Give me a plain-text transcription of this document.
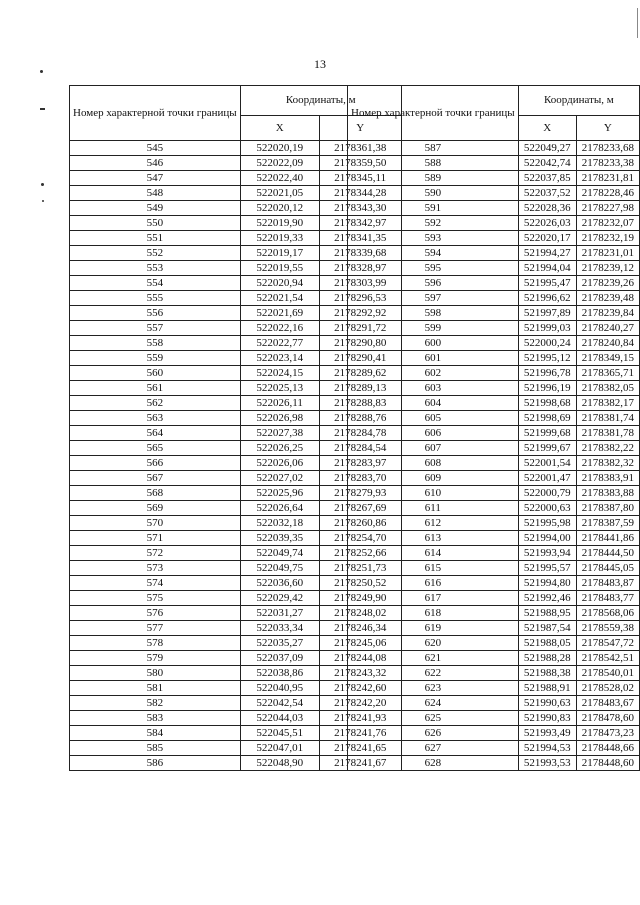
13
Номер характерной точки границы	Координаты, м	
	X	Y
545	522020,19	2178361,38
546	522022,09	2178359,50
547	522022,40	2178345,11
548	522021,05	2178344,28
549	522020,12	2178343,30
550	522019,90	2178342,97
551	522019,33	2178341,35
552	522019,17	2178339,68
553	522019,55	2178328,97
554	522020,94	2178303,99
555	522021,54	2178296,53
556	522021,69	2178292,92
557	522022,16	2178291,72
558	522022,77	2178290,80
559	522023,14	2178290,41
560	522024,15	2178289,62
561	522025,13	2178289,13
562	522026,11	2178288,83
563	522026,98	2178288,76
564	522027,38	2178284,78
565	522026,25	2178284,54
566	522026,06	2178283,97
567	522027,02	2178283,70
568	522025,96	2178279,93
569	522026,64	2178267,69
570	522032,18	2178260,86
571	522039,35	2178254,70
572	522049,74	2178252,66
573	522049,75	2178251,73
574	522036,60	2178250,52
575	522029,42	2178249,90
576	522031,27	2178248,02
577	522033,34	2178246,34
578	522035,27	2178245,06
579	522037,09	2178244,08
580	522038,86	2178243,32
581	522040,95	2178242,60
582	522042,54	2178242,20
583	522044,03	2178241,93
584	522045,51	2178241,76
585	522047,01	2178241,65
586	522048,90	2178241,67
Номер характерной точки границы	Координаты, м	
	X	Y
587	522049,27	2178233,68
588	522042,74	2178233,38
589	522037,85	2178231,81
590	522037,52	2178228,46
591	522028,36	2178227,98
592	522026,03	2178232,07
593	522020,17	2178232,19
594	521994,27	2178231,01
595	521994,04	2178239,12
596	521995,47	2178239,26
597	521996,62	2178239,48
598	521997,89	2178239,84
599	521999,03	2178240,27
600	522000,24	2178240,84
601	521995,12	2178349,15
602	521996,78	2178365,71
603	521996,19	2178382,05
604	521998,68	2178382,17
605	521998,69	2178381,74
606	521999,68	2178381,78
607	521999,67	2178382,22
608	522001,54	2178382,32
609	522001,47	2178383,91
610	522000,79	2178383,88
611	522000,63	2178387,80
612	521995,98	2178387,59
613	521994,00	2178441,86
614	521993,94	2178444,50
615	521995,57	2178445,05
616	521994,80	2178483,87
617	521992,46	2178483,77
618	521988,95	2178568,06
619	521987,54	2178559,38
620	521988,05	2178547,72
621	521988,28	2178542,51
622	521988,38	2178540,01
623	521988,91	2178528,02
624	521990,63	2178483,67
625	521990,83	2178478,60
626	521993,49	2178473,23
627	521994,53	2178448,66
628	521993,53	2178448,60
